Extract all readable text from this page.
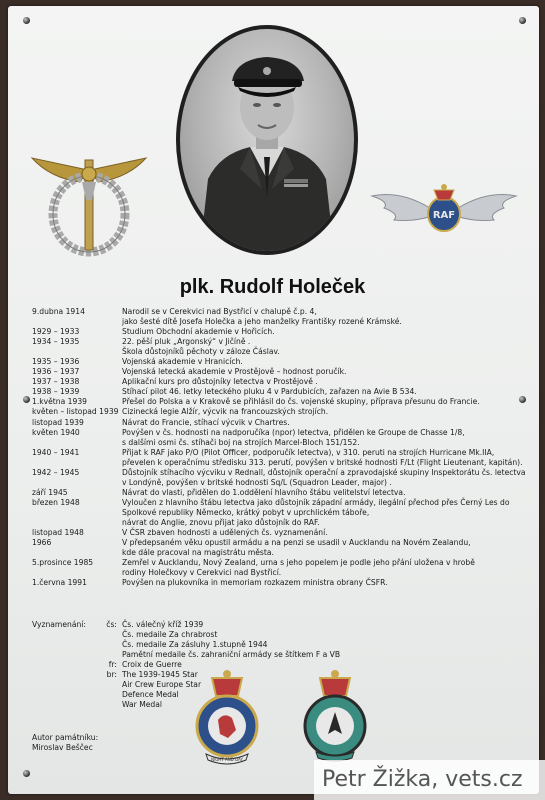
RAF
plk. Rudolf Holeček
9.dubna 1914	Narodil se v Cerekvici nad Bystřicí v chalupě č.p. 4,
jako šesté dítě Josefa Holečka a jeho manželky Františky rozené Krámské.
1929 – 1933	Studium Obchodní akademie v Hořicích.
1934 – 1935	22. pěší pluk „Argonský“ v Jičíně .
Škola důstojníků pěchoty v záloze Čáslav.
1935 – 1936	Vojenská akademie v Hranicích.
1936 – 1937	Vojenská letecká akademie v Prostějově – hodnost poručík.
1937 – 1938	Aplikační kurs pro důstojníky letectva v Prostějově .
1938 – 1939	Stíhací pilot 46. letky leteckého pluku 4 v Pardubicích, zařazen na Avie B 534.
1.května 1939	Přešel do Polska a v Krakově se přihlásil do čs. vojenské skupiny, příprava přesunu do Francie.
květen – listopad 1939 Cizinecká legie Alžír, výcvik na francouzských strojích.
listopad 1939	Návrat do Francie, stíhací výcvik v Chartres.
květen 1940	Povýšen v čs. hodnosti na nadporučíka (npor) letectva, přidělen ke Groupe de Chasse 1/8,
s dalšími osmi čs. stíhači boj na strojích Marcel-Bloch 151/152.
1940 – 1941	Přijat k RAF jako P/O (Pilot Officer, podporučík letectva), v 310. peruti na strojích Hurricane Mk.IIA,
převelen k operačnímu středisku 313. perutí, povýšen v britské hodnosti F/Lt (Flight Lieutenant, kapitán).
1942 – 1945	Důstojník stíhacího výcviku v Rednall, důstojník operační a zpravodajské skupiny Inspektorátu čs. letectva
v Londýně, povýšen v britské hodnosti Sq/L (Squadron Leader, major) .
září 1945	Návrat do vlasti, přidělen do 1.oddělení hlavního štábu velitelství letectva.
březen 1948	Vyloučen z hlavního štábu letectva jako důstojník západní armády, ilegální přechod přes Černý Les do
Spolkové republiky Německo, krátký pobyt v uprchlickém táboře,
návrat do Anglie, znovu přijat jako důstojník do RAF.
listopad 1948	V ČSR zbaven hodnosti a udělených čs. vyznamenání.
1966	V předepsaném věku opustil armádu a na penzi se usadil v Aucklandu na Novém Zealandu,
kde dále pracoval na magistrátu města.
5.prosince 1985	Zemřel v Aucklandu, Nový Zealand, urna s jeho popelem je podle jeho přání uložena v hrobě
rodiny Holečkovy v Cerekvici nad Bystřicí.
1.června 1991	Povýšen na plukovníka in memoriam rozkazem ministra obrany ČSFR.
Vyznamenání:	čs: Čs. válečný kříž 1939
Čs. medaile Za chrabrost
Čs. medaile Za zásluhy 1.stupně 1944
Pamětní medaile čs. zahraniční armády se štítkem F a VB
fr: Croix de Guerre
br: The 1939-1945 Star
Air Crew Europe Star
Defence Medal
War Medal
Autor památníku:
Miroslav Beščec
NIGHT AND DAY
Petr Žižka, vets.cz
